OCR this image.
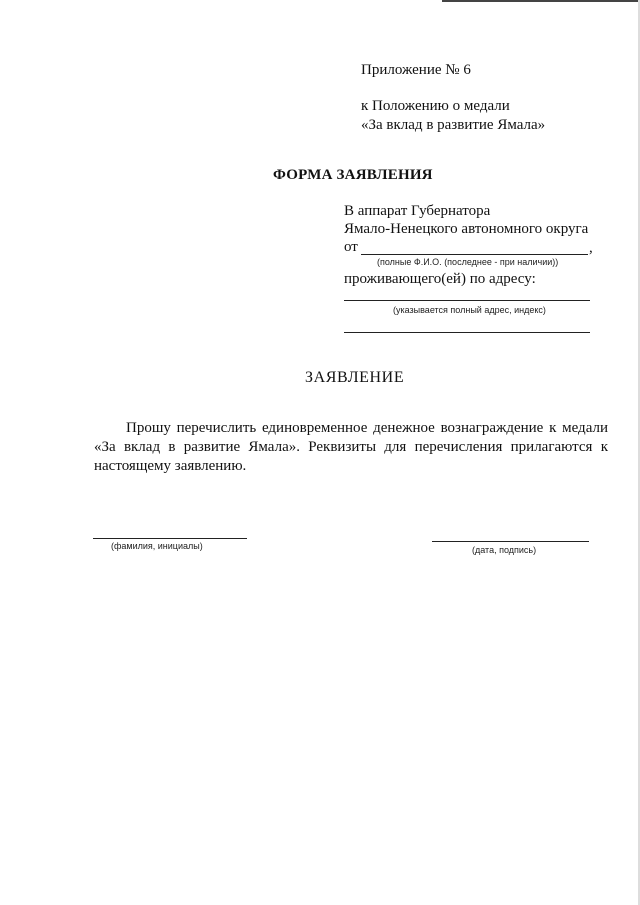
Приложение № 6
к Положению о медали
«За вклад в развитие Ямала»
ФОРМА ЗАЯВЛЕНИЯ
В аппарат Губернатора
Ямало-Ненецкого автономного округа
от	,
(полные Ф.И.О. (последнее - при наличии))
проживающего(ей) по адресу:
(указывается полный адрес, индекс)
ЗАЯВЛЕНИЕ
Прошу перечислить единовременное денежное вознаграждение к медали
«За вклад в развитие Ямала». Реквизиты для перечисления прилагаются к
настоящему заявлению.
(фамилия, инициалы)	(дата, подпись)
